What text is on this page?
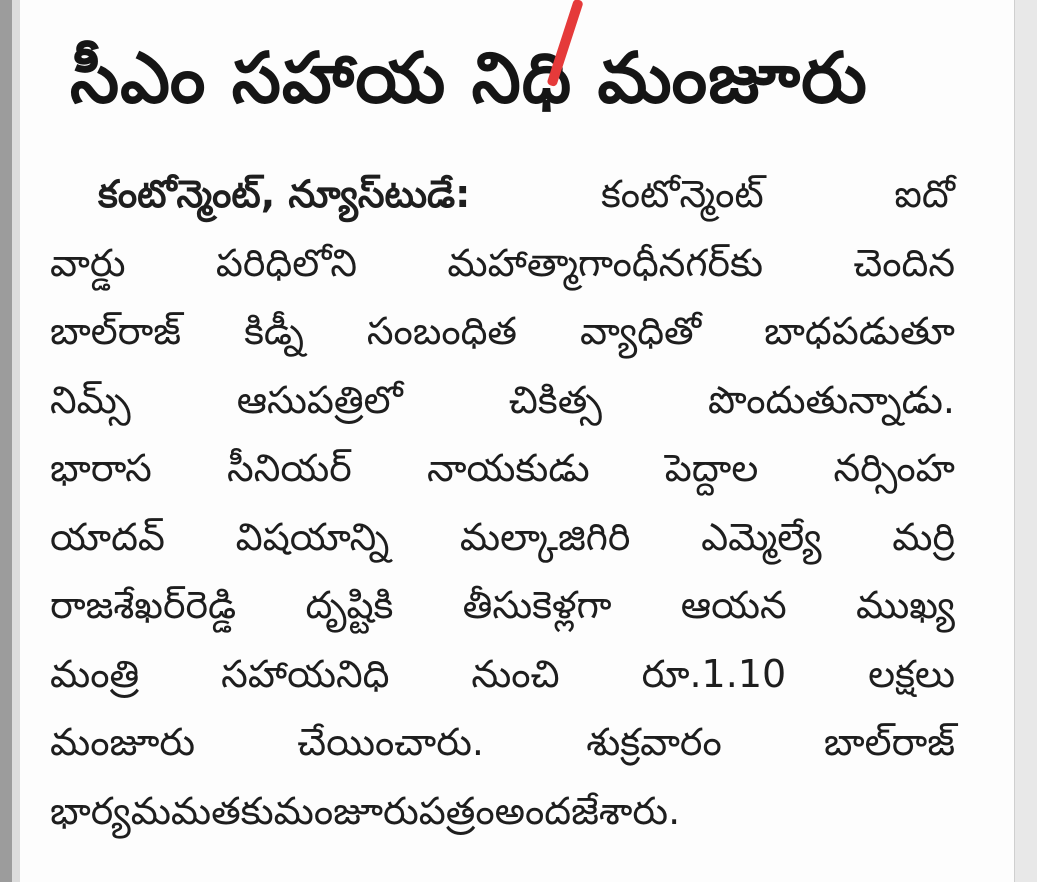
సీఎం సహాయ నిధి మంజూరు
కంటోన్మెంట్‌, న్యూస్‌టుడే:	కంటోన్మెంట్‌	ఐదో
వార్డు పరిధిలోని మహాత్మాగాంధీనగర్‌కు చెందిన
బాల్‌రాజ్‌ కిడ్నీ సంబంధిత వ్యాధితో బాధపడుతూ
నిమ్స్‌	ఆసుపత్రిలో	చికిత్స	పొందుతున్నాడు.
భారాస సీనియర్‌ నాయకుడు పెద్దాల నర్సింహ
యాదవ్‌ విషయాన్ని మల్కాజిగిరి ఎమ్మెల్యే మర్రి
రాజశేఖర్‌రెడ్డి దృష్టికి తీసుకెళ్లగా ఆయన ముఖ్య
మంత్రి సహాయనిధి నుంచి రూ.1.10 లక్షలు
మంజూరు	చేయించారు.	శుక్రవారం	బాల్‌రాజ్‌
భార్య మమతకు మంజూరుపత్రం అందజేశారు.
